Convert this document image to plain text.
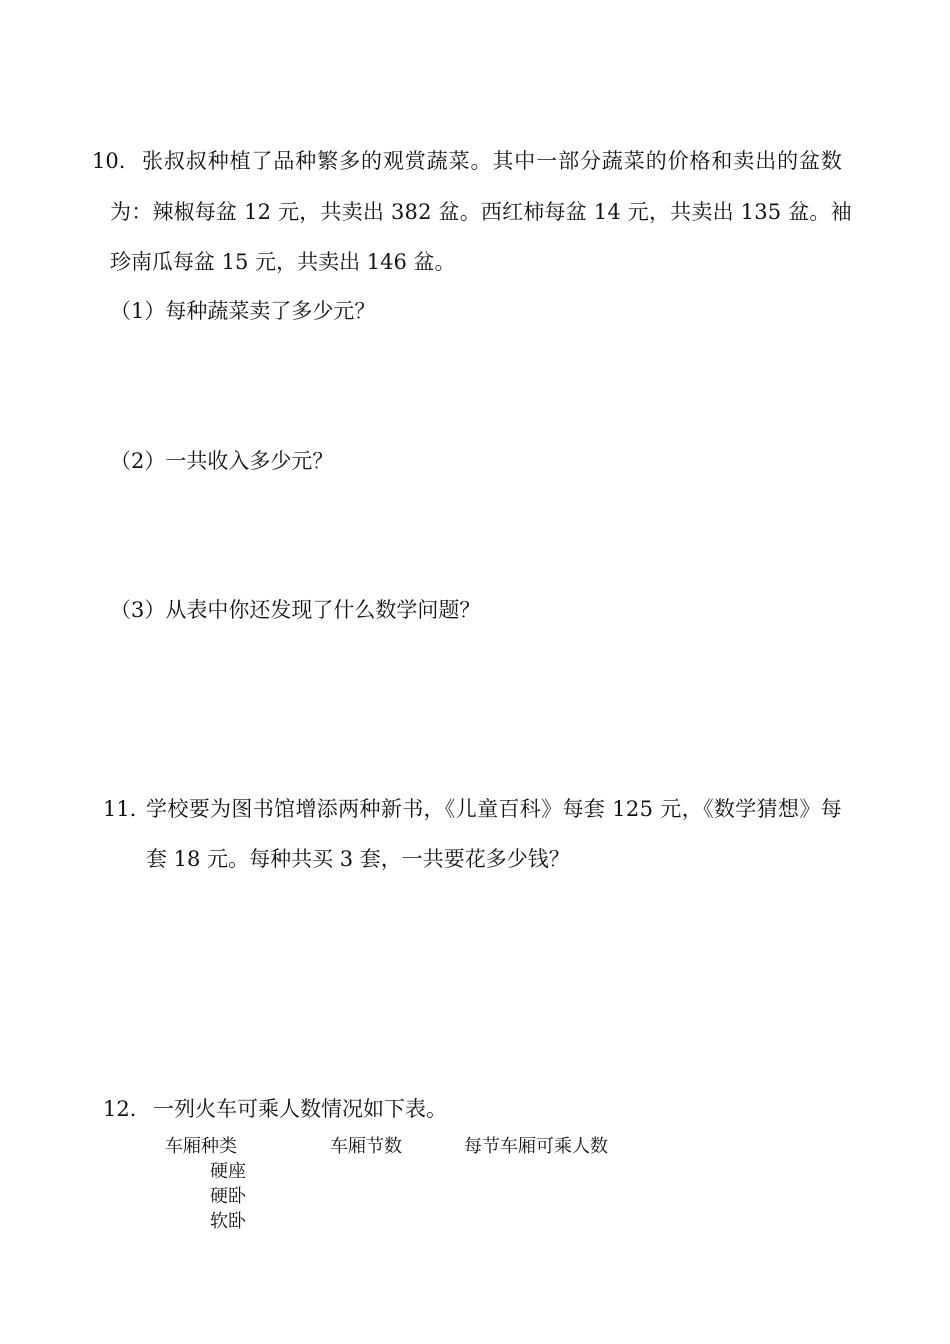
10. 张叔叔种植了品种繁多的观赏蔬菜。其中一部分蔬菜的价格和卖出的盆数
为：辣椒每盆 12 元，共卖出 382 盆。西红柿每盆 14 元，共卖出 135 盆。袖
珍南瓜每盆 15 元，共卖出 146 盆。
（1）每种蔬菜卖了多少元？
（2）一共收入多少元？
（3）从表中你还发现了什么数学问题？
11．
学校要为图书馆增添两种新书，《儿童百科》每套 125 元，《数学猜想》每
套 18 元。每种共买 3 套，一共要花多少钱？
12. 一列火车可乘人数情况如下表。
车厢种类	车厢节数	每节车厢可乘人数
硬座
硬卧
软卧
